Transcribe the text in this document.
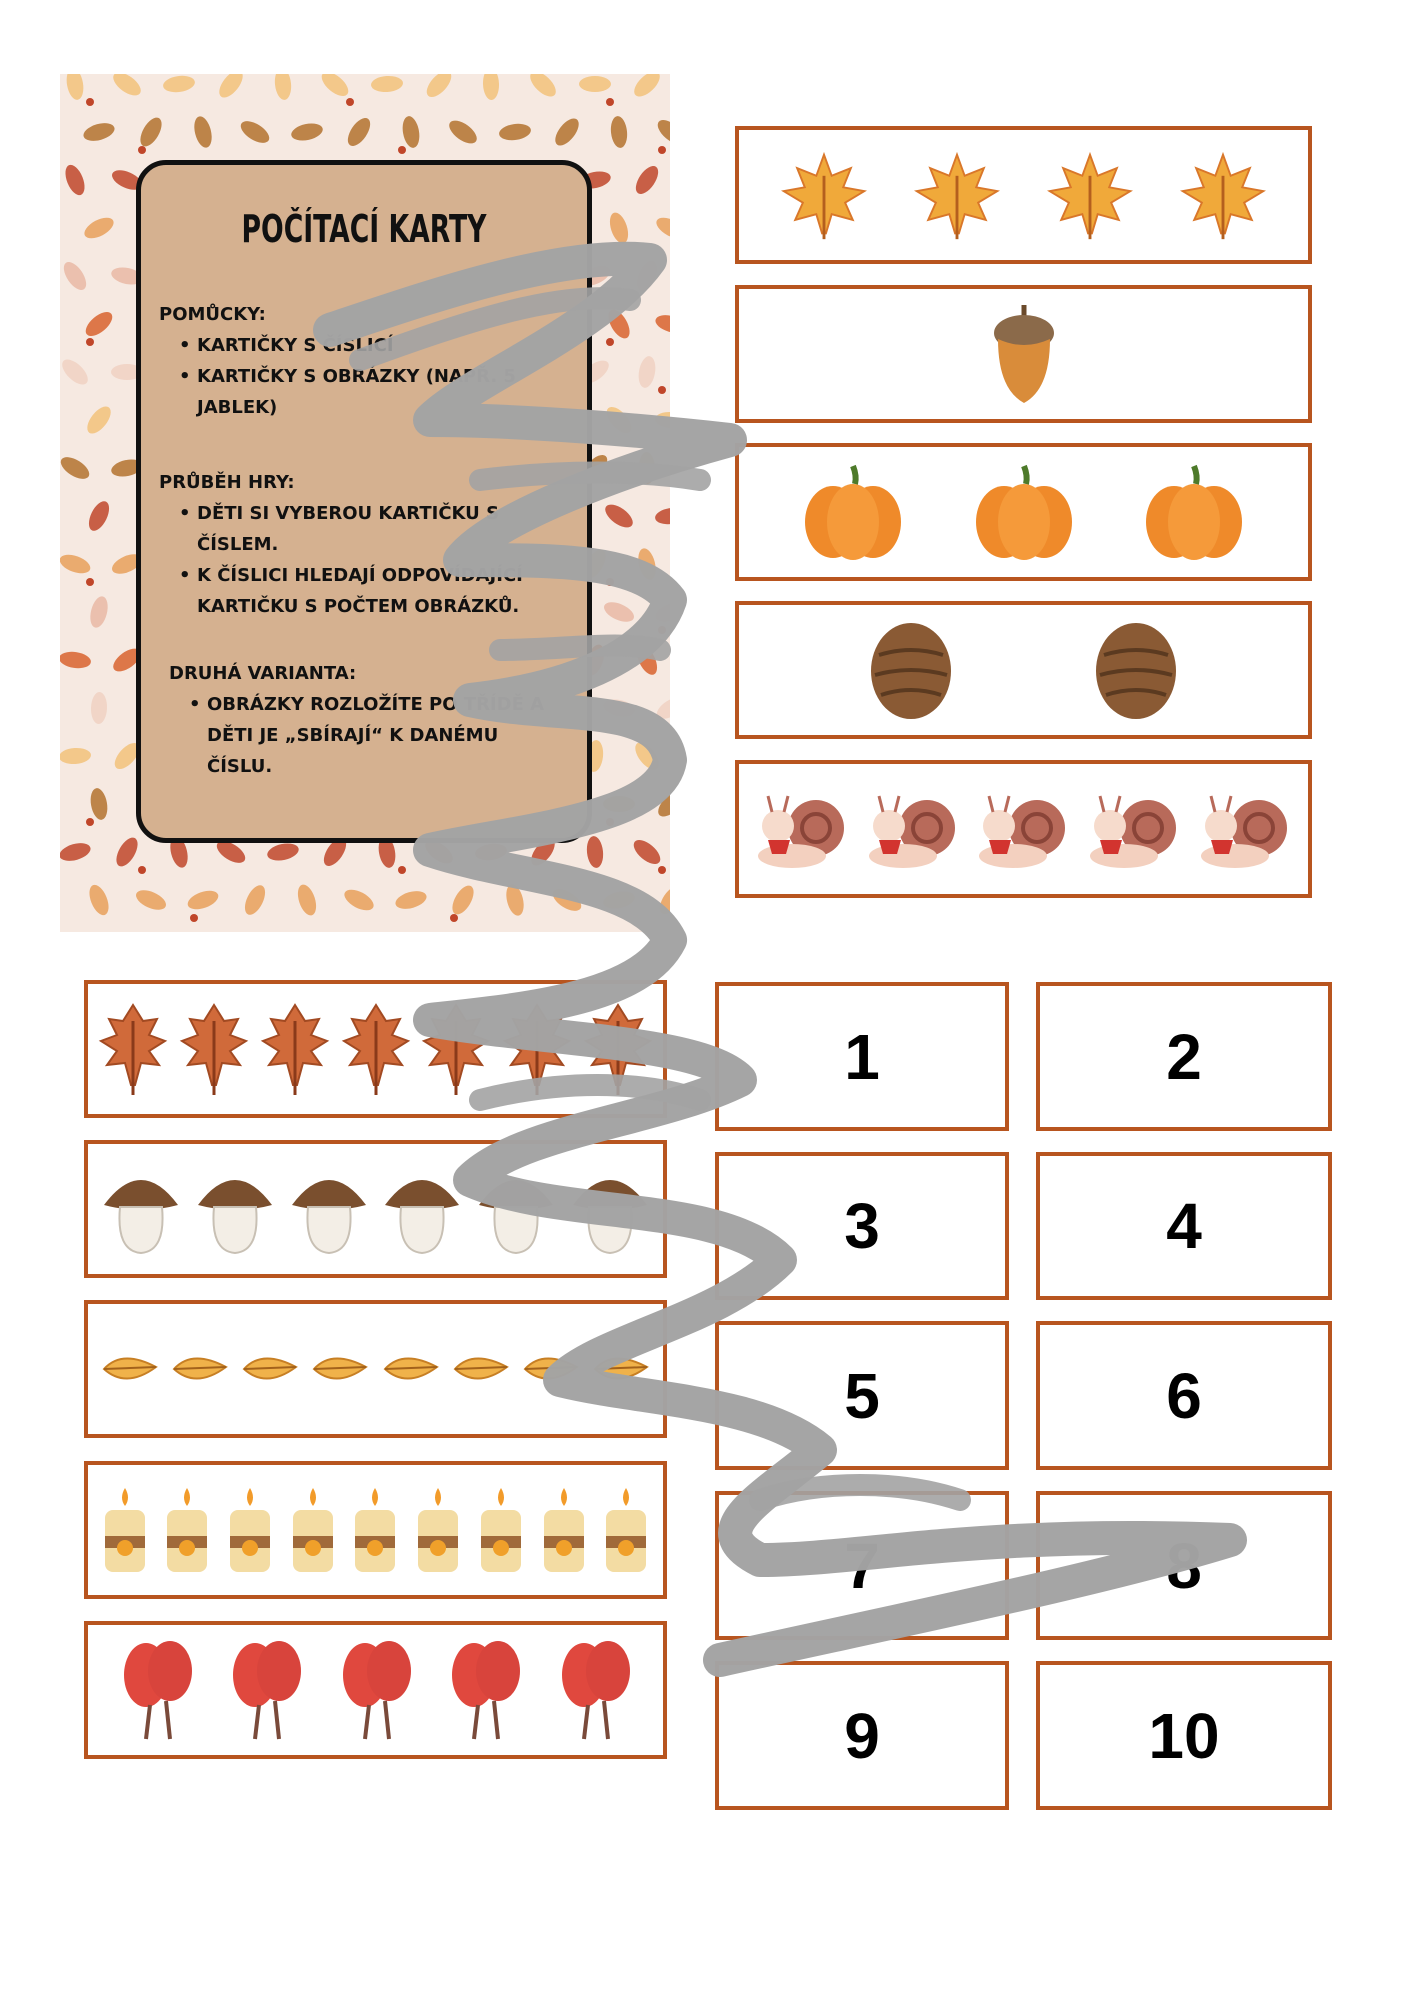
POČÍTACÍ KARTY
POMŮCKY:
• KARTIČKY S ČÍSLICÍ
• KARTIČKY S OBRÁZKY (NAPŘ. 5 JABLEK)
PRŮBĚH HRY:
• DĚTI SI VYBEROU KARTIČKU S ČÍSLEM.
• K ČÍSLICI HLEDAJÍ ODPOVÍDAJÍCÍ KARTIČKU S POČTEM OBRÁZKŮ.
DRUHÁ VARIANTA:
• OBRÁZKY ROZLOŽÍTE PO TŘÍDĚ A DĚTI JE „SBÍRAJÍ“ K DANÉMU ČÍSLU.
1	2
3	4
5	6
7	8
9	10
